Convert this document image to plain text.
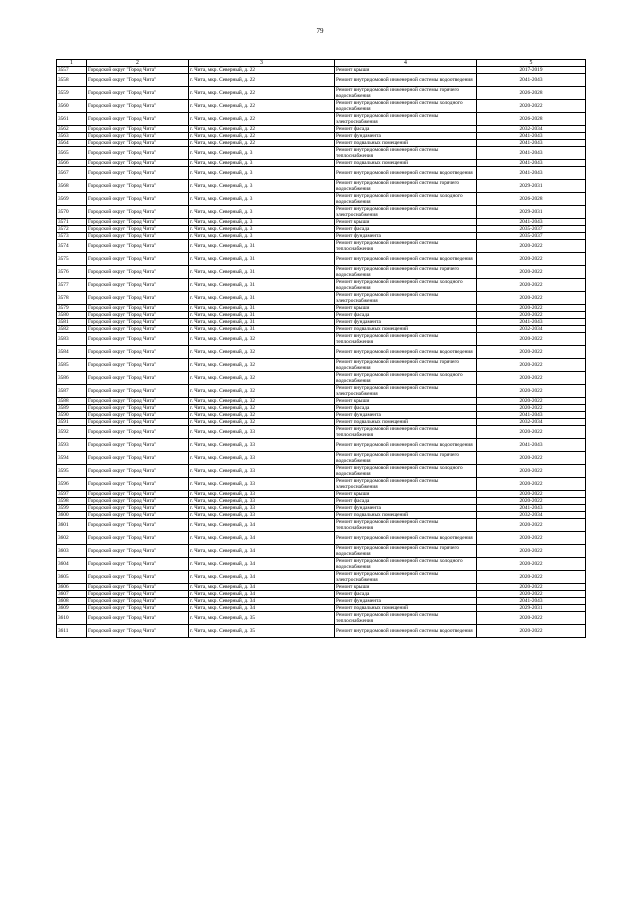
79
1	2	3	4	5
3557	Городской округ "Город Чита"	г. Чита, мкр. Северный, д. 22	Ремонт крыши	2017-2019
3558	Городской округ "Город Чита"	г. Чита, мкр. Северный, д. 22	Ремонт внутридомовой инженерной системы водоотведения	2041-2043
3559	Городской округ "Город Чита"	г. Чита, мкр. Северный, д. 22	Ремонт внутридомовой инженерной системы горячего водоснабжения	2026-2028
3560	Городской округ "Город Чита"	г. Чита, мкр. Северный, д. 22	Ремонт внутридомовой инженерной системы холодного водоснабжения	2020-2022
3561	Городской округ "Город Чита"	г. Чита, мкр. Северный, д. 22	Ремонт внутридомовой инженерной системы электроснабжения	2026-2028
3562	Городской округ "Город Чита"	г. Чита, мкр. Северный, д. 22	Ремонт фасада	2032-2034
3563	Городской округ "Город Чита"	г. Чита, мкр. Северный, д. 22	Ремонт фундамента	2041-2043
3564	Городской округ "Город Чита"	г. Чита, мкр. Северный, д. 22	Ремонт подвальных помещений	2041-2043
3565	Городской округ "Город Чита"	г. Чита, мкр. Северный, д. 3	Ремонт внутридомовой инженерной системы теплоснабжения	2041-2043
3566	Городской округ "Город Чита"	г. Чита, мкр. Северный, д. 3	Ремонт подвальных помещений	2041-2043
3567	Городской округ "Город Чита"	г. Чита, мкр. Северный, д. 3	Ремонт внутридомовой инженерной системы водоотведения	2041-2043
3568	Городской округ "Город Чита"	г. Чита, мкр. Северный, д. 3	Ремонт внутридомовой инженерной системы горячего водоснабжения	2029-2031
3569	Городской округ "Город Чита"	г. Чита, мкр. Северный, д. 3	Ремонт внутридомовой инженерной системы холодного водоснабжения	2026-2028
3570	Городской округ "Город Чита"	г. Чита, мкр. Северный, д. 3	Ремонт внутридомовой инженерной системы электроснабжения	2029-2031
3571	Городской округ "Город Чита"	г. Чита, мкр. Северный, д. 3	Ремонт крыши	2041-2043
3572	Городской округ "Город Чита"	г. Чита, мкр. Северный, д. 3	Ремонт фасада	2035-2037
3573	Городской округ "Город Чита"	г. Чита, мкр. Северный, д. 3	Ремонт фундамента	2035-2037
3574	Городской округ "Город Чита"	г. Чита, мкр. Северный, д. 31	Ремонт внутридомовой инженерной системы теплоснабжения	2020-2022
3575	Городской округ "Город Чита"	г. Чита, мкр. Северный, д. 31	Ремонт внутридомовой инженерной системы водоотведения	2020-2022
3576	Городской округ "Город Чита"	г. Чита, мкр. Северный, д. 31	Ремонт внутридомовой инженерной системы горячего водоснабжения	2020-2022
3577	Городской округ "Город Чита"	г. Чита, мкр. Северный, д. 31	Ремонт внутридомовой инженерной системы холодного водоснабжения	2020-2022
3578	Городской округ "Город Чита"	г. Чита, мкр. Северный, д. 31	Ремонт внутридомовой инженерной системы электроснабжения	2020-2022
3579	Городской округ "Город Чита"	г. Чита, мкр. Северный, д. 31	Ремонт крыши	2020-2022
3580	Городской округ "Город Чита"	г. Чита, мкр. Северный, д. 31	Ремонт фасада	2020-2022
3581	Городской округ "Город Чита"	г. Чита, мкр. Северный, д. 31	Ремонт фундамента	2041-2043
3582	Городской округ "Город Чита"	г. Чита, мкр. Северный, д. 31	Ремонт подвальных помещений	2032-2034
3583	Городской округ "Город Чита"	г. Чита, мкр. Северный, д. 32	Ремонт внутридомовой инженерной системы теплоснабжения	2020-2022
3584	Городской округ "Город Чита"	г. Чита, мкр. Северный, д. 32	Ремонт внутридомовой инженерной системы водоотведения	2020-2022
3585	Городской округ "Город Чита"	г. Чита, мкр. Северный, д. 32	Ремонт внутридомовой инженерной системы горячего водоснабжения	2020-2022
3586	Городской округ "Город Чита"	г. Чита, мкр. Северный, д. 32	Ремонт внутридомовой инженерной системы холодного водоснабжения	2020-2022
3587	Городской округ "Город Чита"	г. Чита, мкр. Северный, д. 32	Ремонт внутридомовой инженерной системы электроснабжения	2020-2022
3588	Городской округ "Город Чита"	г. Чита, мкр. Северный, д. 32	Ремонт крыши	2020-2022
3589	Городской округ "Город Чита"	г. Чита, мкр. Северный, д. 32	Ремонт фасада	2020-2022
3590	Городской округ "Город Чита"	г. Чита, мкр. Северный, д. 32	Ремонт фундамента	2041-2043
3591	Городской округ "Город Чита"	г. Чита, мкр. Северный, д. 32	Ремонт подвальных помещений	2032-2034
3592	Городской округ "Город Чита"	г. Чита, мкр. Северный, д. 33	Ремонт внутридомовой инженерной системы теплоснабжения	2020-2022
3593	Городской округ "Город Чита"	г. Чита, мкр. Северный, д. 33	Ремонт внутридомовой инженерной системы водоотведения	2041-2043
3594	Городской округ "Город Чита"	г. Чита, мкр. Северный, д. 33	Ремонт внутридомовой инженерной системы горячего водоснабжения	2020-2022
3595	Городской округ "Город Чита"	г. Чита, мкр. Северный, д. 33	Ремонт внутридомовой инженерной системы холодного водоснабжения	2020-2022
3596	Городской округ "Город Чита"	г. Чита, мкр. Северный, д. 33	Ремонт внутридомовой инженерной системы электроснабжения	2020-2022
3597	Городской округ "Город Чита"	г. Чита, мкр. Северный, д. 33	Ремонт крыши	2020-2022
3598	Городской округ "Город Чита"	г. Чита, мкр. Северный, д. 33	Ремонт фасада	2020-2022
3599	Городской округ "Город Чита"	г. Чита, мкр. Северный, д. 33	Ремонт фундамента	2041-2043
3600	Городской округ "Город Чита"	г. Чита, мкр. Северный, д. 33	Ремонт подвальных помещений	2032-2034
3601	Городской округ "Город Чита"	г. Чита, мкр. Северный, д. 34	Ремонт внутридомовой инженерной системы теплоснабжения	2020-2022
3602	Городской округ "Город Чита"	г. Чита, мкр. Северный, д. 34	Ремонт внутридомовой инженерной системы водоотведения	2020-2022
3603	Городской округ "Город Чита"	г. Чита, мкр. Северный, д. 34	Ремонт внутридомовой инженерной системы горячего водоснабжения	2020-2022
3604	Городской округ "Город Чита"	г. Чита, мкр. Северный, д. 34	Ремонт внутридомовой инженерной системы холодного водоснабжения	2020-2022
3605	Городской округ "Город Чита"	г. Чита, мкр. Северный, д. 34	Ремонт внутридомовой инженерной системы электроснабжения	2020-2022
3606	Городской округ "Город Чита"	г. Чита, мкр. Северный, д. 34	Ремонт крыши	2020-2022
3607	Городской округ "Город Чита"	г. Чита, мкр. Северный, д. 34	Ремонт фасада	2020-2022
3608	Городской округ "Город Чита"	г. Чита, мкр. Северный, д. 34	Ремонт фундамента	2041-2043
3609	Городской округ "Город Чита"	г. Чита, мкр. Северный, д. 34	Ремонт подвальных помещений	2029-2031
3610	Городской округ "Город Чита"	г. Чита, мкр. Северный, д. 35	Ремонт внутридомовой инженерной системы теплоснабжения	2020-2022
3611	Городской округ "Город Чита"	г. Чита, мкр. Северный, д. 35	Ремонт внутридомовой инженерной системы водоотведения	2020-2022
